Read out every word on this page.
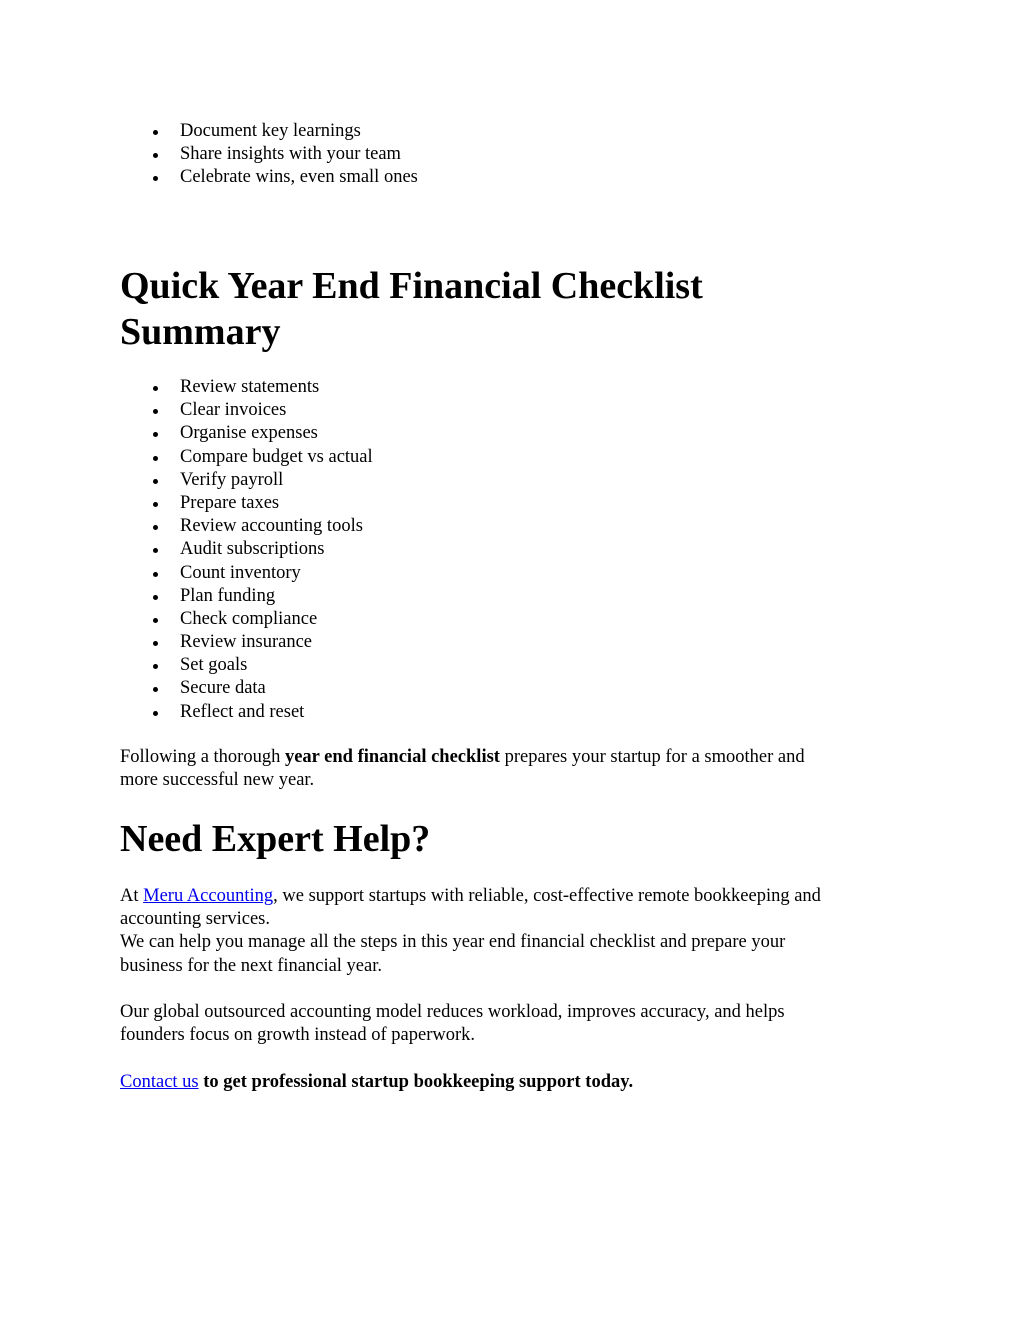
Document key learnings
Share insights with your team
Celebrate wins, even small ones
Quick Year End Financial Checklist
Summary
Review statements
Clear invoices
Organise expenses
Compare budget vs actual
Verify payroll
Prepare taxes
Review accounting tools
Audit subscriptions
Count inventory
Plan funding
Check compliance
Review insurance
Set goals
Secure data
Reflect and reset

Following a thorough year end financial checklist prepares your startup for a smoother and
more successful new year.

Need Expert Help?

At Meru Accounting, we support startups with reliable, cost-effective remote bookkeeping and
accounting services.
We can help you manage all the steps in this year end financial checklist and prepare your
business for the next financial year.

Our global outsourced accounting model reduces workload, improves accuracy, and helps
founders focus on growth instead of paperwork.

Contact us to get professional startup bookkeeping support today.
